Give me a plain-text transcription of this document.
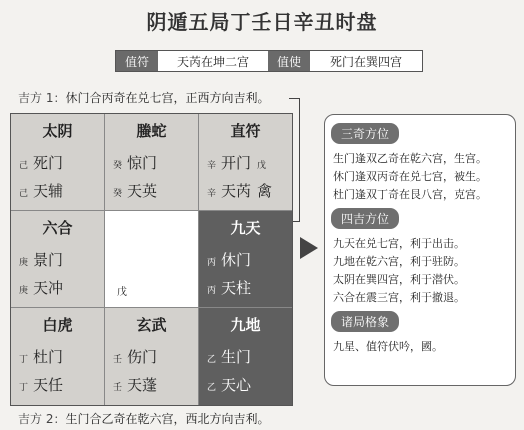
阴遁五局丁壬日辛丑时盘
值符	天芮在坤二宫	值使	死门在巽四宫
吉方 1：休门合丙奇在兑七宫，正西方向吉利。
太阴
己 死门
己 天辅
螣蛇
癸 惊门
癸 天英
直符
辛 开门 戊
辛 天芮 禽
六合
庚 景门
庚 天冲	戊
九天
丙 休门
丙 天柱
白虎
丁 杜门
丁 天任
玄武
壬 伤门
壬 天蓬
九地
乙 生门
乙 天心
三奇方位
生门逢双乙奇在乾六宫，生宫。
休门逢双丙奇在兑七宫，被生。
杜门逢双丁奇在艮八宫，克宫。
四吉方位
九天在兑七宫，利于出击。
九地在乾六宫，利于驻防。
太阴在巽四宫，利于潜伏。
六合在震三宫，利于撤退。
诸局格象
九星、值符伏吟，國。
吉方 2：生门合乙奇在乾六宫，西北方向吉利。
